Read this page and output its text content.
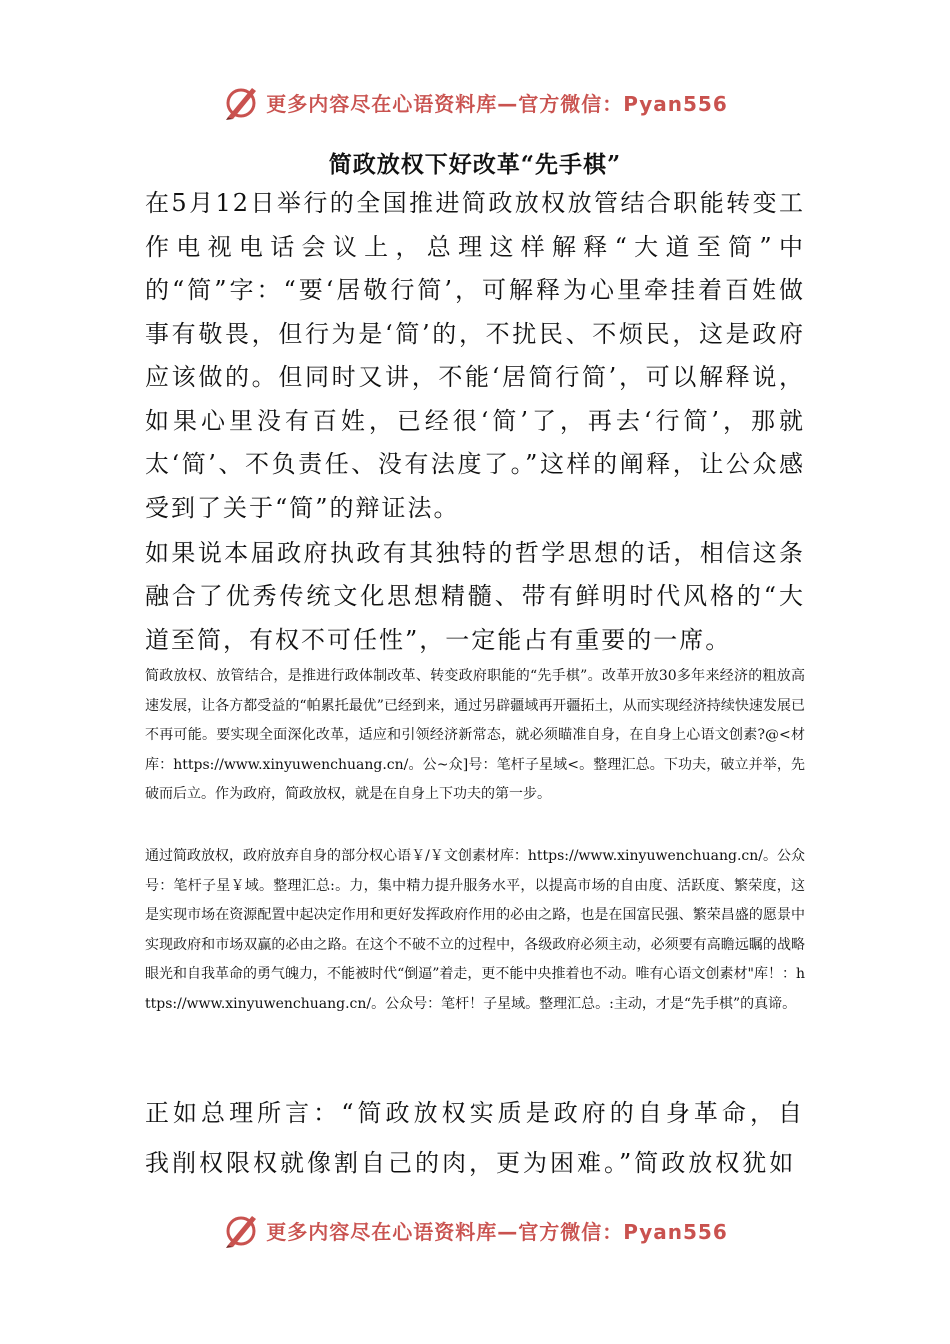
更多内容尽在心语资料库—官方微信：Pyan556
简政放权下好改革“先手棋”

在5月12日举行的全国推进简政放权放管结合职能转变工作电视电话会议上，总理这样解释“大道至简”中的“简”字：“要‘居敬行简’，可解释为心里牵挂着百姓做事有敬畏，但行为是‘简’的，不扰民、不烦民，这是政府应该做的。但同时又讲，不能‘居简行简’，可以解释说，如果心里没有百姓，已经很‘简’了，再去‘行简’，那就太‘简’、不负责任、没有法度了。”这样的阐释，让公众感受到了关于“简”的辩证法。

如果说本届政府执政有其独特的哲学思想的话，相信这条融合了优秀传统文化思想精髓、带有鲜明时代风格的“大道至简，有权不可任性”，一定能占有重要的一席。

简政放权、放管结合，是推进行政体制改革、转变政府职能的“先手棋”。改革开放30多年来经济的粗放高速发展，让各方都受益的“帕累托最优”已经到来，通过另辟疆域再开疆拓土，从而实现经济持续快速发展已不再可能。要实现全面深化改革，适应和引领经济新常态，就必须瞄准自身，在自身上心语文创素?@<材库：https://www.xinyuwenchuang.cn/。公~众]号：笔杆子星域<。整理汇总。下功夫，破立并举，先破而后立。作为政府，简政放权，就是在自身上下功夫的第一步。

通过简政放权，政府放弃自身的部分权心语￥/￥文创素材库：https://www.xinyuwenchuang.cn/。公众号：笔杆子星￥域。整理汇总:。力，集中精力提升服务水平，以提高市场的自由度、活跃度、繁荣度，这是实现市场在资源配置中起决定作用和更好发挥政府作用的必由之路，也是在国富民强、繁荣昌盛的愿景中实现政府和市场双赢的必由之路。在这个不破不立的过程中，各级政府必须主动，必须要有高瞻远瞩的战略眼光和自我革命的勇气魄力，不能被时代“倒逼”着走，更不能中央推着也不动。唯有心语文创素材"库！：https://www.xinyuwenchuang.cn/。公众号：笔杆！子星域。整理汇总。:主动，才是“先手棋”的真谛。

正如总理所言：“简政放权实质是政府的自身革命，自我削权限权就像割自己的肉，更为困难。”简政放权犹如

更多内容尽在心语资料库—官方微信：Pyan556
